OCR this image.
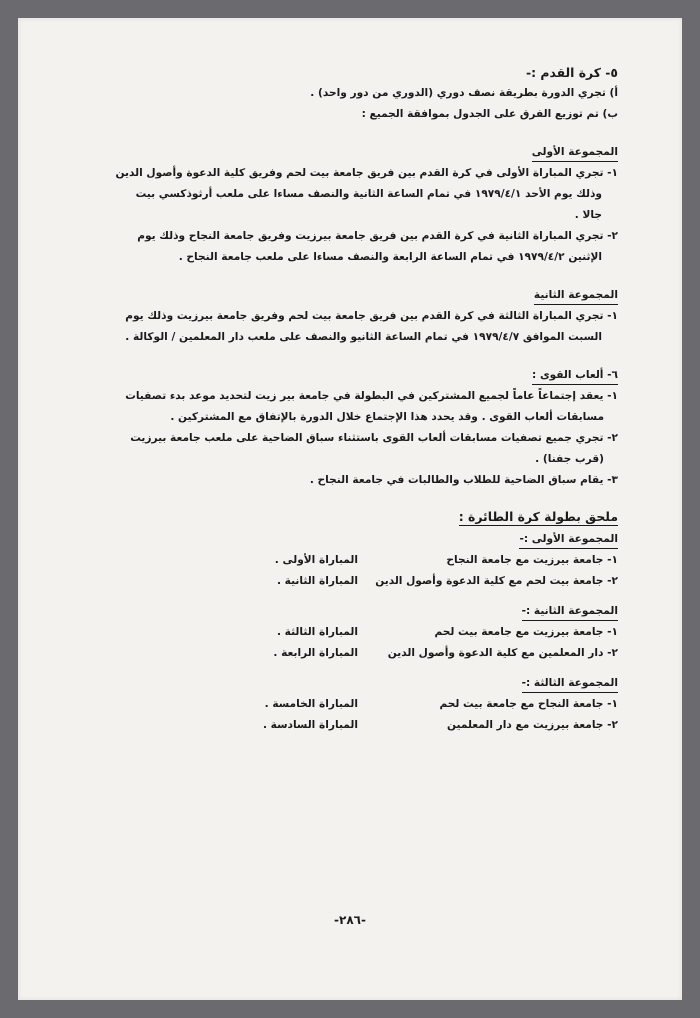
٥- كرة القدم :-
أ) تجري الدورة بطريقة نصف دوري (الدوري من دور واحد) .
ب) تم توزيع الفرق على الجدول بموافقة الجميع :
المجموعة الأولى
١- تجري المباراة الأولى في كرة القدم بين فريق جامعة بيت لحم وفريق كلية الدعوة وأصول الدين
وذلك يوم الأحد ١٩٧٩/٤/١ في تمام الساعة الثانية والنصف مساءا على ملعب أرثوذكسي بيت
جالا .
٢- تجري المباراة الثانية في كرة القدم بين فريق جامعة بيرزيت وفريق جامعة النجاح وذلك يوم
الإثنين ١٩٧٩/٤/٢ في تمام الساعة الرابعة والنصف مساءا على ملعب جامعة النجاح .
المجموعة الثانية
١- تجري المباراة الثالثة في كرة القدم بين فريق جامعة بيت لحم وفريق جامعة بيرزيت وذلك يوم
السبت الموافق ١٩٧٩/٤/٧ في تمام الساعة الثانيو والنصف على ملعب دار المعلمين / الوكالة .
٦- ألعاب القوى :
١- يعقد إجتماعاً عاماً لجميع المشتركين في البطولة في جامعة بير زيت لتحديد موعد بدء تصفيات
مسابقات ألعاب القوى . وقد يحدد هذا الإجتماع خلال الدورة بالإتفاق مع المشتركين .
٢- تجري جميع تصفيات مسابقات ألعاب القوى باستثناء سباق الضاحية على ملعب جامعة بيرزيت
(قرب جفنا) .
٣- يقام سباق الضاحية للطلاب والطالبات في جامعة النجاح .
ملحق بطولة كرة الطائرة :
المجموعة الأولى :-
١- جامعة بيرزيت مع جامعة النجاح
المباراة الأولى .
٢- جامعة بيت لحم مع كلية الدعوة وأصول الدين
المباراة الثانية .
المجموعة الثانية :-
١- جامعة بيرزيت مع جامعة بيت لحم
المباراة الثالثة .
٢- دار المعلمين مع كلية الدعوة وأصول الدين
المباراة الرابعة .
المجموعة الثالثة :-
١- جامعة النجاح مع جامعة بيت لحم
المباراة الخامسة .
٢- جامعة بيرزيت مع دار المعلمين
المباراة السادسة .
-٢٨٦-
